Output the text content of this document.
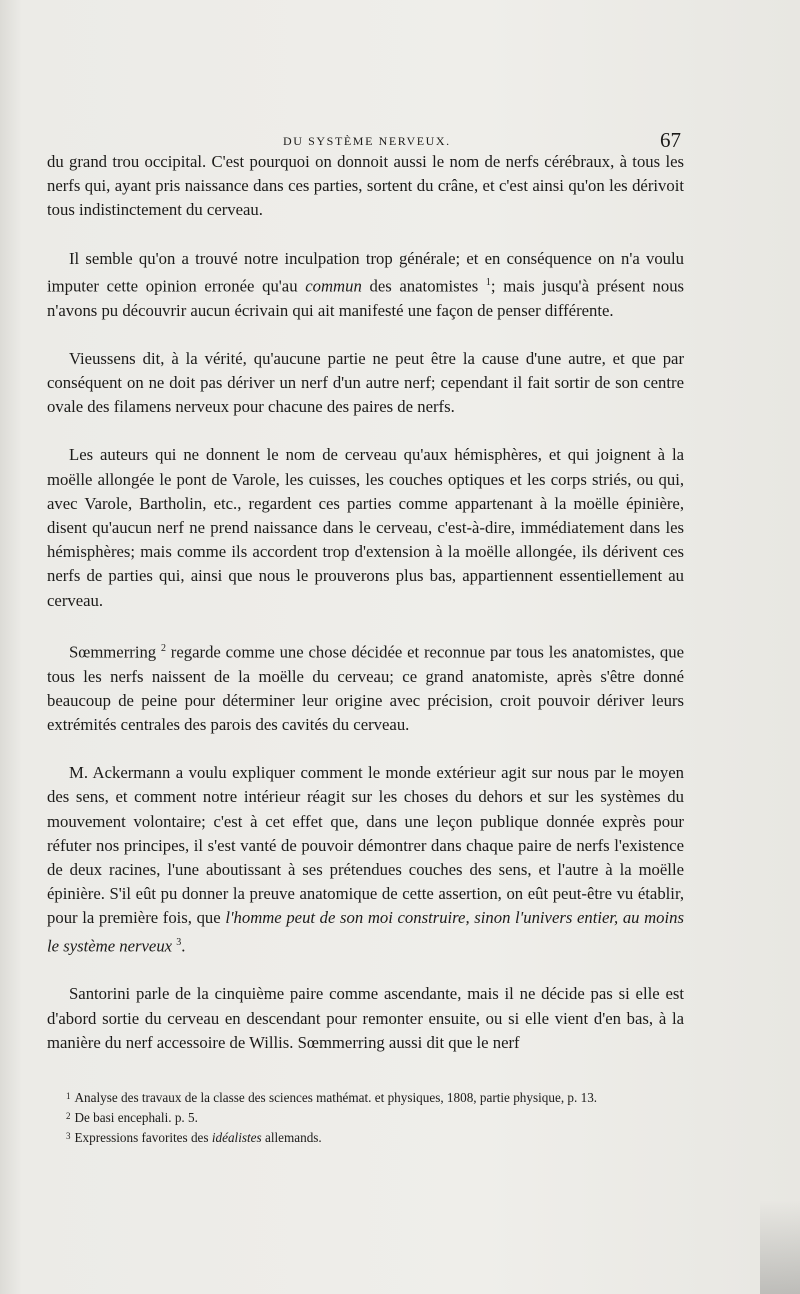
DU SYSTÈME NERVEUX.	67

du grand trou occipital. C'est pourquoi on donnoit aussi le nom de nerfs cérébraux, à tous les nerfs qui, ayant pris naissance dans ces parties, sortent du crâne, et c'est ainsi qu'on les dérivoit tous indistinctement du cerveau.

Il semble qu'on a trouvé notre inculpation trop générale; et en conséquence on n'a voulu imputer cette opinion erronée qu'au commun des anatomistes $^1$; mais jusqu'à présent nous n'avons pu découvrir aucun écrivain qui ait manifesté une façon de penser différente.

Vieussens dit, à la vérité, qu'aucune partie ne peut être la cause d'une autre, et que par conséquent on ne doit pas dériver un nerf d'un autre nerf; cependant il fait sortir de son centre ovale des filamens nerveux pour chacune des paires de nerfs.

Les auteurs qui ne donnent le nom de cerveau qu'aux hémisphères, et qui joignent à la moëlle allongée le pont de Varole, les cuisses, les couches optiques et les corps striés, ou qui, avec Varole, Bartholin, etc., regardent ces parties comme appartenant à la moëlle épinière, disent qu'aucun nerf ne prend naissance dans le cerveau, c'est-à-dire, immédiatement dans les hémisphères; mais comme ils accordent trop d'extension à la moëlle allongée, ils dérivent ces nerfs de parties qui, ainsi que nous le prouverons plus bas, appartiennent essentiellement au cerveau.

Sœmmerring $^2$ regarde comme une chose décidée et reconnue par tous les anatomistes, que tous les nerfs naissent de la moëlle du cerveau; ce grand anatomiste, après s'être donné beaucoup de peine pour déterminer leur origine avec précision, croit pouvoir dériver leurs extrémités centrales des parois des cavités du cerveau.

M. Ackermann a voulu expliquer comment le monde extérieur agit sur nous par le moyen des sens, et comment notre intérieur réagit sur les choses du dehors et sur les systèmes du mouvement volontaire; c'est à cet effet que, dans une leçon publique donnée exprès pour réfuter nos principes, il s'est vanté de pouvoir démontrer dans chaque paire de nerfs l'existence de deux racines, l'une aboutissant à ses prétendues couches des sens, et l'autre à la moëlle épinière. S'il eût pu donner la preuve anatomique de cette assertion, on eût peut-être vu établir, pour la première fois, que l'homme peut de son moi construire, sinon l'univers entier, au moins le système nerveux $^3$.

Santorini parle de la cinquième paire comme ascendante, mais il ne décide pas si elle est d'abord sortie du cerveau en descendant pour remonter ensuite, ou si elle vient d'en bas, à la manière du nerf accessoire de Willis. Sœmmerring aussi dit que le nerf

$^1$ Analyse des travaux de la classe des sciences mathémat. et physiques, 1808, partie physique, p. 13.
$^2$ De basi encephali. p. 5.
$^3$ Expressions favorites des idéalistes allemands.
